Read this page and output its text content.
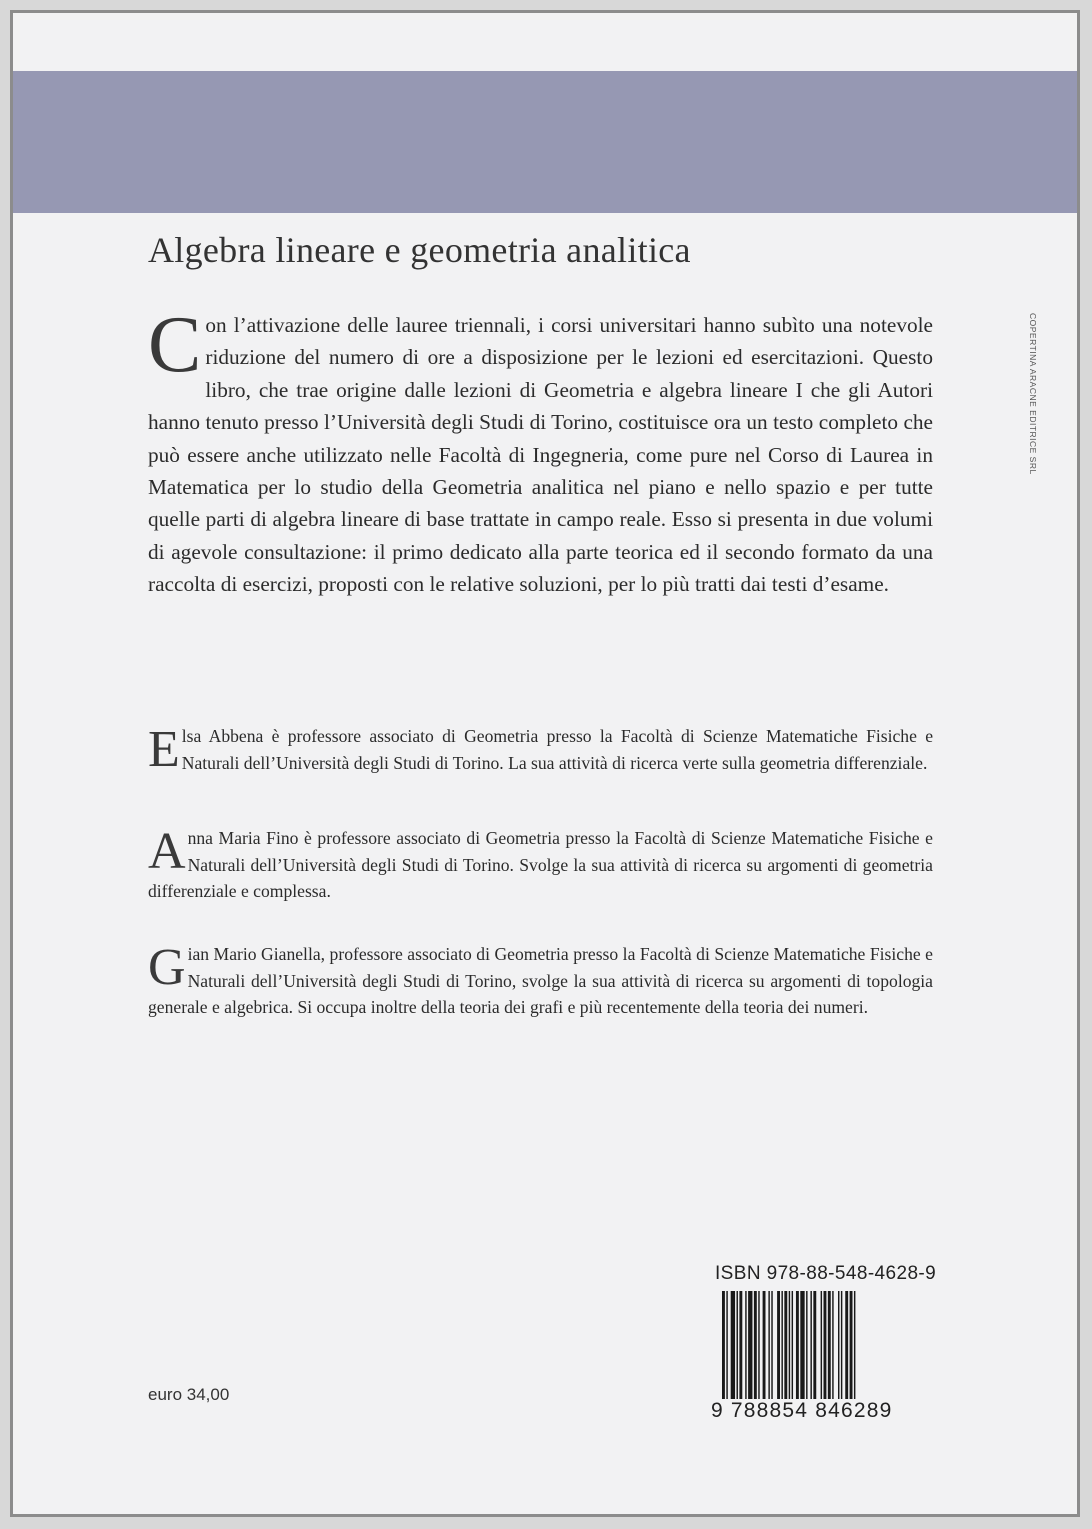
Algebra lineare e geometria analitica
COPERTINA ARACNE EDITRICE SRL
Con l’attivazione delle lauree triennali, i corsi universitari hanno subìto una notevole riduzione del numero di ore a disposizione per le lezioni ed esercitazioni. Questo libro, che trae origine dalle lezioni di Geometria e algebra lineare I che gli Autori hanno tenuto presso l’Università degli Studi di Torino, costituisce ora un testo completo che può essere anche utilizzato nelle Facoltà di Ingegneria, come pure nel Corso di Laurea in Matematica per lo studio della Geometria analitica nel piano e nello spazio e per tutte quelle parti di algebra lineare di base trattate in campo reale. Esso si presenta in due volumi di agevole consultazione: il primo dedicato alla parte teorica ed il secondo formato da una raccolta di esercizi, proposti con le relative soluzioni, per lo più tratti dai testi d’esame.
Elsa Abbena è professore associato di Geometria presso la Facoltà di Scienze Matematiche Fisiche e Naturali dell’Università degli Studi di Torino. La sua attività di ricerca verte sulla geometria differenziale.
Anna Maria Fino è professore associato di Geometria presso la Facoltà di Scienze Matematiche Fisiche e Naturali dell’Università degli Studi di Torino. Svolge la sua attività di ricerca su argomenti di geometria differenziale e complessa.
Gian Mario Gianella, professore associato di Geometria presso la Facoltà di Scienze Matematiche Fisiche e Naturali dell’Università degli Studi di Torino, svolge la sua attività di ricerca su argomenti di topologia generale e algebrica. Si occupa inoltre della teoria dei grafi e più recentemente della teoria dei numeri.
ISBN 978-88-548-4628-9
9 788854 846289
euro 34,00
